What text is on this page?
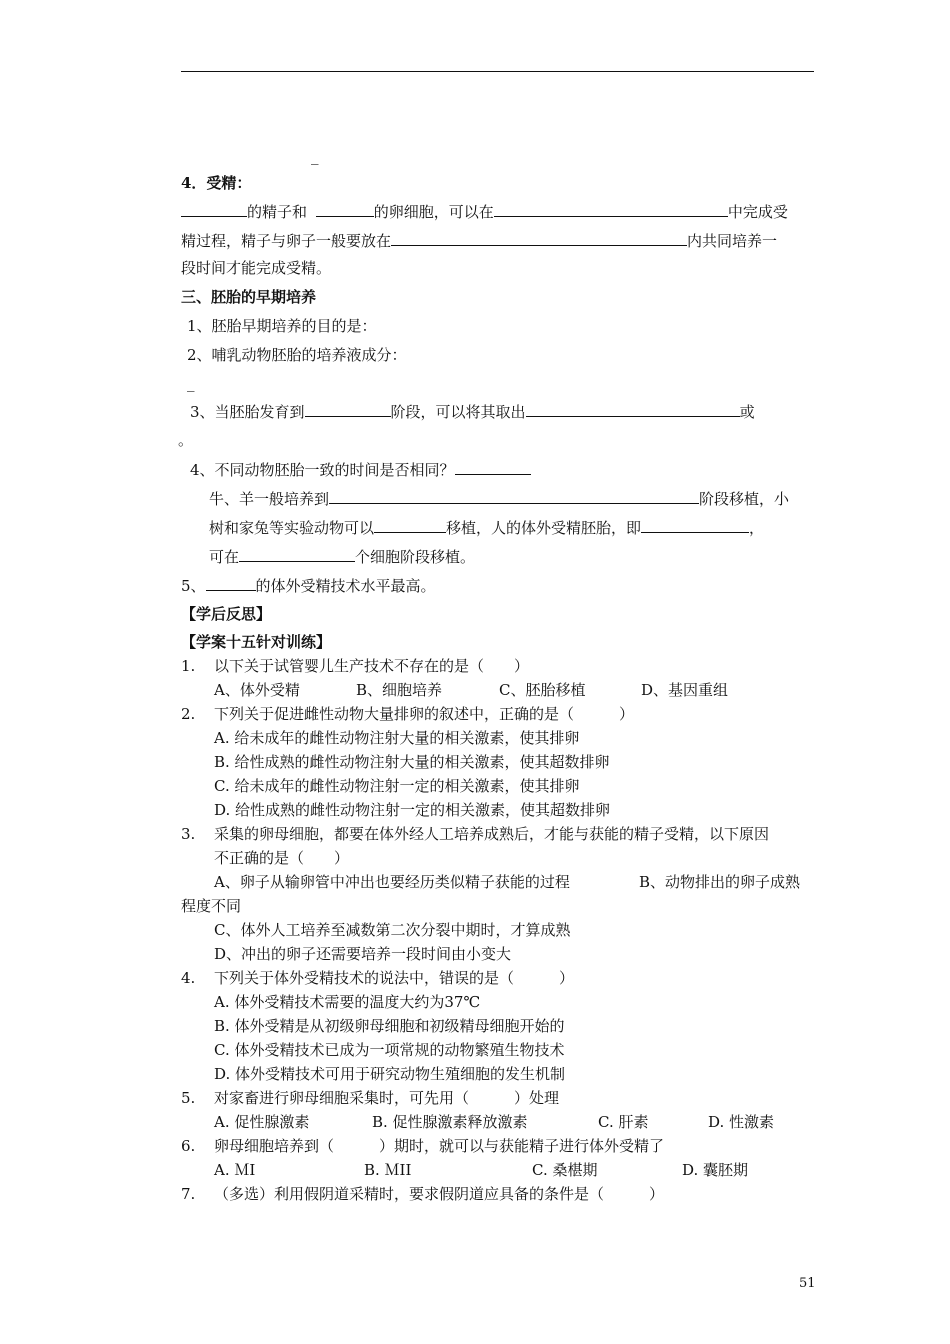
_
4．受精：
的精子和	的卵细胞，可以在	中完成受
精过程，精子与卵子一般要放在	内共同培养一
段时间才能完成受精。
三、胚胎的早期培养
1、胚胎早期培养的目的是：
2、哺乳动物胚胎的培养液成分：
_
3、当胚胎发育到	阶段，可以将其取出	或
。
4、不同动物胚胎一致的时间是否相同？
牛、羊一般培养到	阶段移植，小
树和家兔等实验动物可以	移植，人的体外受精胚胎，即	，
可在	个细胞阶段移植。
5、	的体外受精技术水平最高。
【学后反思】
【学案十五针对训练】
1. 以下关于试管婴儿生产技术不存在的是（　　）
A、体外受精	B、细胞培养	C、胚胎移植	D、基因重组
2. 下列关于促进雌性动物大量排卵的叙述中，正确的是（　　　）
A. 给未成年的雌性动物注射大量的相关激素，使其排卵
B. 给性成熟的雌性动物注射大量的相关激素，使其超数排卵
C. 给未成年的雌性动物注射一定的相关激素，使其排卵
D. 给性成熟的雌性动物注射一定的相关激素，使其超数排卵
3. 采集的卵母细胞，都要在体外经人工培养成熟后，才能与获能的精子受精，以下原因
不正确的是（　　）
A、卵子从输卵管中冲出也要经历类似精子获能的过程	B、动物排出的卵子成熟
程度不同
C、体外人工培养至减数第二次分裂中期时，才算成熟
D、冲出的卵子还需要培养一段时间由小变大
4. 下列关于体外受精技术的说法中，错误的是（　　　）
A. 体外受精技术需要的温度大约为37℃
B. 体外受精是从初级卵母细胞和初级精母细胞开始的
C. 体外受精技术已成为一项常规的动物繁殖生物技术
D. 体外受精技术可用于研究动物生殖细胞的发生机制
5. 对家畜进行卵母细胞采集时，可先用（　　　）处理
A. 促性腺激素	B. 促性腺激素释放激素	C. 肝素	D. 性激素
6. 卵母细胞培养到（　　　）期时，就可以与获能精子进行体外受精了
A. ＭⅠ	B. ＭⅠⅠ	C. 桑椹期	D. 囊胚期
7. （多选）利用假阴道采精时，要求假阴道应具备的条件是（　　　）
51
